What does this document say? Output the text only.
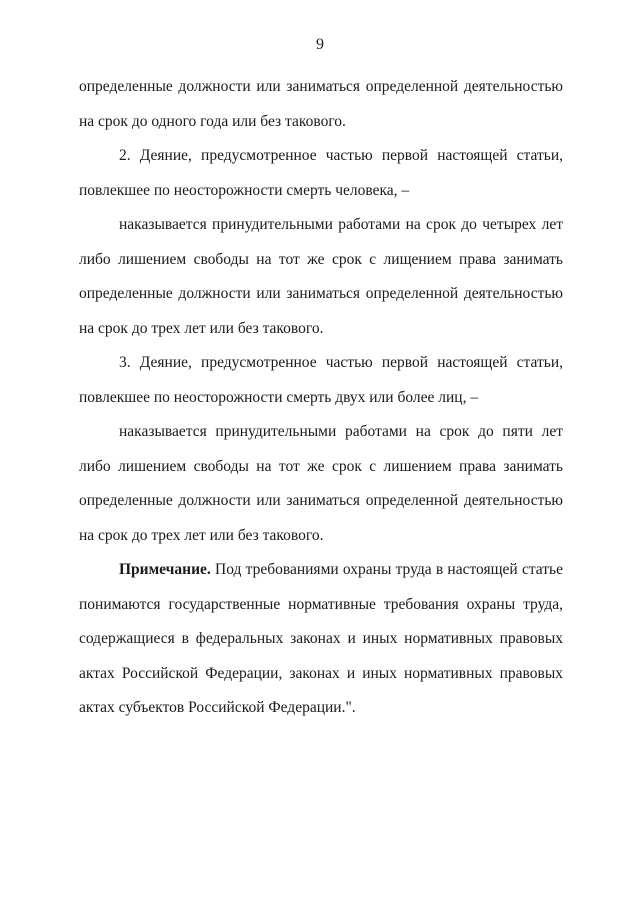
9

определенные должности или заниматься определенной деятельностью на срок до одного года или без такового.

2. Деяние, предусмотренное частью первой настоящей статьи, повлекшее по неосторожности смерть человека, –

наказывается принудительными работами на срок до четырех лет либо лишением свободы на тот же срок с лищением права занимать определенные должности или заниматься определенной деятельностью на срок до трех лет или без такового.

3. Деяние, предусмотренное частью первой настоящей статьи, повлекшее по неосторожности смерть двух или более лиц, –

наказывается принудительными работами на срок до пяти лет либо лишением свободы на тот же срок с лишением права занимать определенные должности или заниматься определенной деятельностью на срок до трех лет или без такового.

Примечание. Под требованиями охраны труда в настоящей статье понимаются государственные нормативные требования охраны труда, содержащиеся в федеральных законах и иных нормативных правовых актах Российской Федерации, законах и иных нормативных правовых актах субъектов Российской Федерации.".
